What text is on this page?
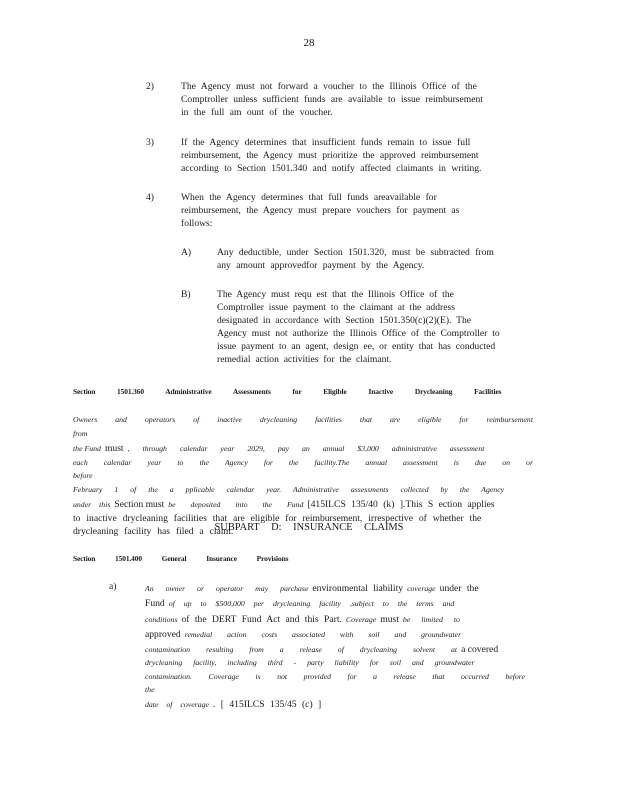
28
2)	The Agency must not forward a voucher to the Illinois Office of the
Comptroller unless sufficient funds are available to issue reimbursement
in the full am ount of the voucher.
3)	If the Agency determines that insufficient funds remain to issue full
reimbursement, the Agency must prioritize the approved reimbursement
according to Section 1501.340 and notify affected claimants in writing.
4)	When the Agency determines that full funds areavailable for
reimbursement, the Agency must prepare vouchers for payment as
follows:
A)	Any deductible, under Section 1501.320, must be subtracted from
any amount approvedfor payment by the Agency.
B)	The Agency must requ est that the Illinois Office of the
Comptroller issue payment to the claimant at the address
designated in accordance with Section 1501.350(c)(2)(E). The
Agency must not authorize the Illinois Office of the Comptroller to
issue payment to an agent, design ee, or entity that has conducted
remedial action activities for the claimant.
Section 1501.360 Administrative Assessments for Eligible Inactive Drycleaning Facilities
Owners and operators of inactive drycleaning facilities that are eligible for reimbursement from
the Fund must , through calendar year 2029, pay an annual $3,000 administrative assessment
each calendar year to the Agency for the facility.The annual assessment is due on or before
February 1 of the a pplicable calendar year. Administrative assessments collected by the Agency
under this Section must be deposited into the Fund [415ILCS 135/40 (k) ].This S ection applies
to inactive drycleaning facilities that are eligible for reimbursement, irrespective of whether the
drycleaning facility has filed a claim.
SUBPART D: INSURANCE CLAIMS
Section 1501.400 General Insurance Provisions
a)	An owner or operator may purchase environmental liability coverage under the
Fund of up to $500,000 per drycleaning facility ,subject to the terms and
conditions of the DERT Fund Act and this Part. Coverage must be limited to
approved remedial action costs associated with soil and groundwater
contamination resulting from a release of drycleaning solvent at a covered
drycleaning facility, including third - party liability for soil and groundwater
contamination. Coverage is not provided for a release that occurred before the
date of coverage . [ 415ILCS 135/45 (c) ]
